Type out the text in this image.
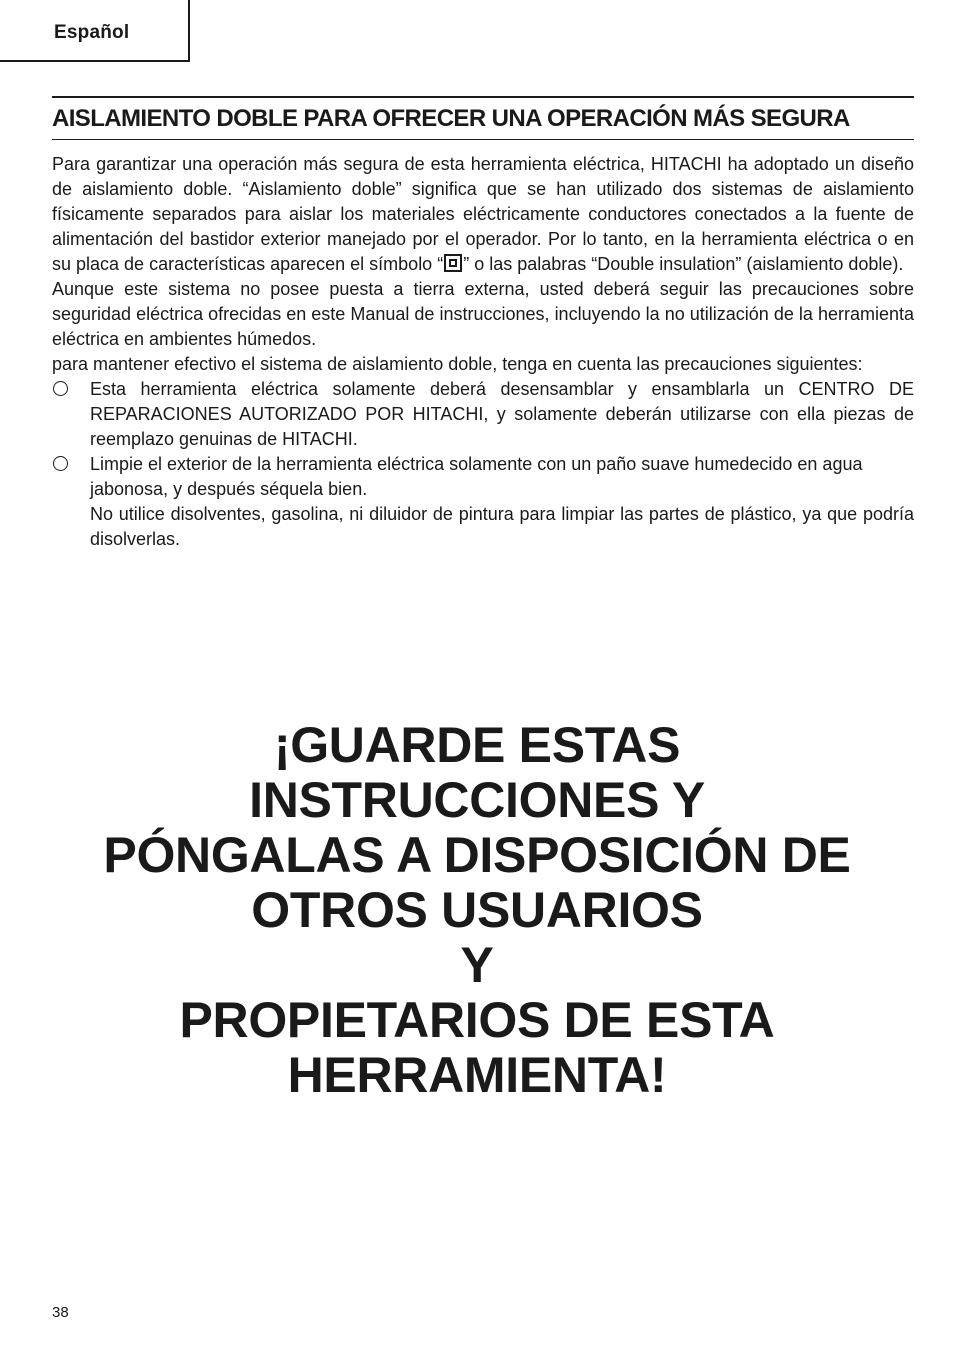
Español
AISLAMIENTO DOBLE PARA OFRECER UNA OPERACIÓN MÁS SEGURA

Para garantizar una operación más segura de esta herramienta eléctrica, HITACHI ha adoptado un diseño de aislamiento doble. “Aislamiento doble” significa que se han utilizado dos sistemas de aislamiento físicamente separados para aislar los materiales eléctricamente conductores conectados a la fuente de alimentación del bastidor exterior manejado por el operador. Por lo tanto, en la herramienta eléctrica o en su placa de características aparecen el símbolo “ ” o las palabras “Double insulation” (aislamiento doble).

Aunque este sistema no posee puesta a tierra externa, usted deberá seguir las precauciones sobre seguridad eléctrica ofrecidas en este Manual de instrucciones, incluyendo la no utilización de la herramienta eléctrica en ambientes húmedos.

para mantener efectivo el sistema de aislamiento doble, tenga en cuenta las precauciones siguientes:

Esta herramienta eléctrica solamente deberá desensamblar y ensamblarla un CENTRO DE REPARACIONES AUTORIZADO POR HITACHI, y solamente deberán utilizarse con ella piezas de reemplazo genuinas de HITACHI.

Limpie el exterior de la herramienta eléctrica solamente con un paño suave humedecido en agua jabonosa, y después séquela bien.

No utilice disolventes, gasolina, ni diluidor de pintura para limpiar las partes de plástico, ya que podría disolverlas.

¡GUARDE ESTAS
INSTRUCCIONES Y
PÓNGALAS A DISPOSICIÓN DE
OTROS USUARIOS
Y
PROPIETARIOS DE ESTA
HERRAMIENTA!
38
